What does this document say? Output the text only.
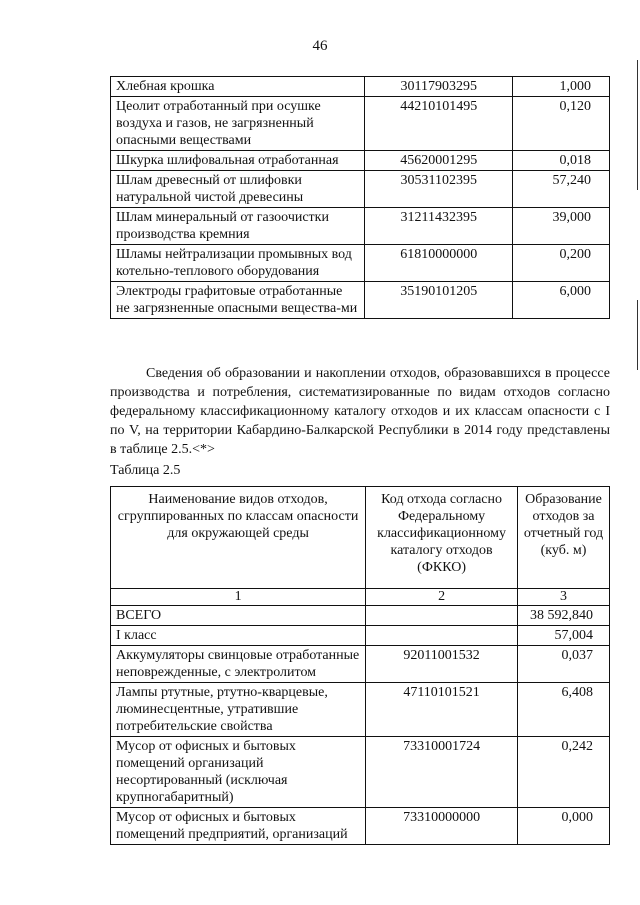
46
Хлебная крошка	30117903295	1,000
Цеолит отработанный при осушке воздуха и газов, не загрязненный опасными веществами	44210101495	0,120
Шкурка шлифовальная отработанная	45620001295	0,018
Шлам древесный от шлифовки натуральной чистой древесины	30531102395	57,240
Шлам минеральный от газоочистки производства кремния	31211432395	39,000
Шламы нейтрализации промывных вод котельно-теплового оборудования	61810000000	0,200
Электроды графитовые отработанные не загрязненные опасными вещества-ми	35190101205	6,000
Сведения об образовании и накоплении отходов, образовавшихся в процессе производства и потребления, систематизированные по видам отходов согласно федеральному классификационному каталогу отходов и их классам опасности с I по V, на территории Кабардино-Балкарской Республики в 2014 году представлены в таблице 2.5.<*>
Таблица 2.5
Наименование видов отходов, сгруппированных по классам опасности для окружающей среды	Код отхода согласно Федеральному классификационному каталогу отходов (ФККО)	Образование отходов за отчетный год (куб. м)
1	2	3
ВСЕГО		38 592,840
I класс		57,004
Аккумуляторы свинцовые отработанные неповрежденные, с электролитом	92011001532	0,037
Лампы ртутные, ртутно-кварцевые, люминесцентные, утратившие потребительские свойства	47110101521	6,408
Мусор от офисных и бытовых помещений организаций несортированный (исключая крупногабаритный)	73310001724	0,242
Мусор от офисных и бытовых помещений предприятий, организаций	73310000000	0,000
